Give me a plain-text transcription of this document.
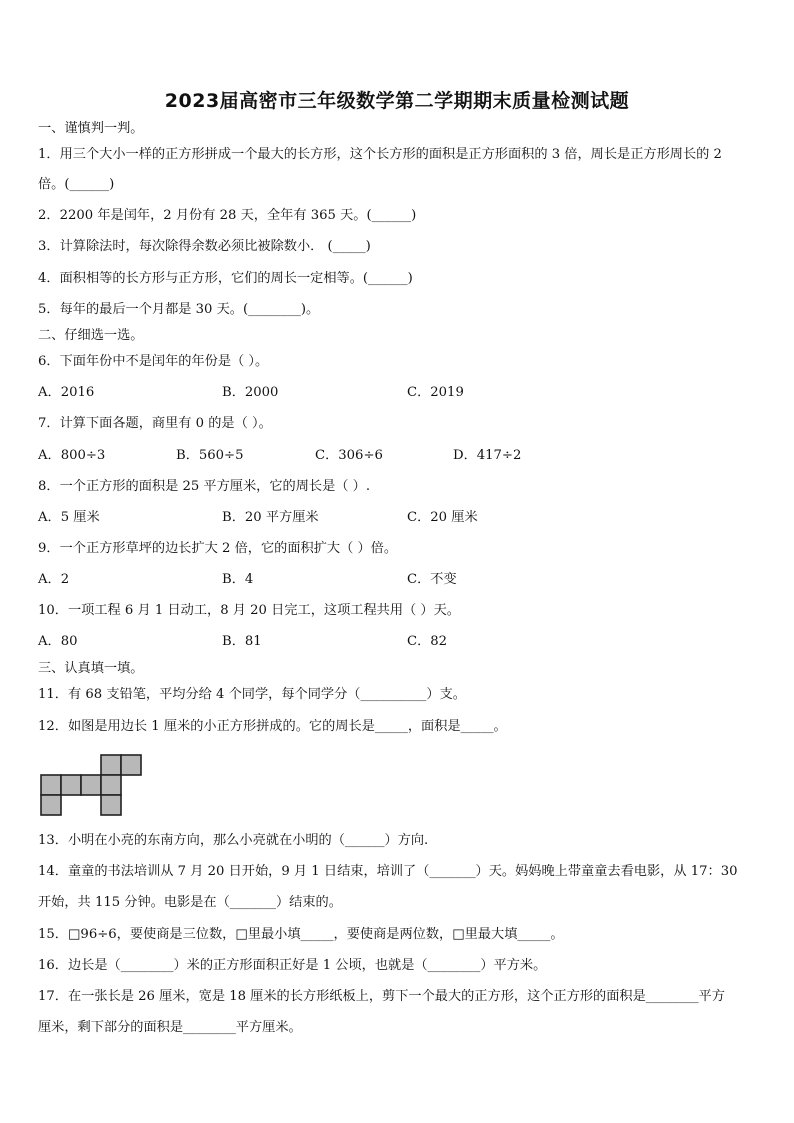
2023届高密市三年级数学第二学期期末质量检测试题
一、谨慎判一判。
1．用三个大小一样的正方形拼成一个最大的长方形，这个长方形的面积是正方形面积的 3 倍，周长是正方形周长的 2
倍。(______)
2．2200 年是闰年，2 月份有 28 天，全年有 365 天。(______)
3．计算除法时，每次除得余数必须比被除数小． (_____)
4．面积相等的长方形与正方形，它们的周长一定相等。(______)
5．每年的最后一个月都是 30 天。(________)。
二、仔细选一选。
6．下面年份中不是闰年的年份是（ ）。
A．2016	B．2000	C．2019
7．计算下面各题，商里有 0 的是（ ）。
A．800÷3	B．560÷5	C．306÷6	D．417÷2
8．一个正方形的面积是 25 平方厘米，它的周长是（ ）.
A．5 厘米	B．20 平方厘米	C．20 厘米
9．一个正方形草坪的边长扩大 2 倍，它的面积扩大（ ）倍。
A．2	B．4	C．不变
10．一项工程 6 月 1 日动工，8 月 20 日完工，这项工程共用（ ）天。
A．80	B．81	C．82
三、认真填一填。
11．有 68 支铅笔，平均分给 4 个同学，每个同学分（__________）支。
12．如图是用边长 1 厘米的小正方形拼成的。它的周长是_____，面积是_____。
13．小明在小亮的东南方向，那么小亮就在小明的（______）方向.
14．童童的书法培训从 7 月 20 日开始，9 月 1 日结束，培训了（_______）天。妈妈晚上带童童去看电影，从 17：30
开始，共 115 分钟。电影是在（_______）结束的。
15．□96÷6，要使商是三位数，□里最小填_____，要使商是两位数，□里最大填_____。
16．边长是（________）米的正方形面积正好是 1 公顷，也就是（________）平方米。
17．在一张长是 26 厘米，宽是 18 厘米的长方形纸板上，剪下一个最大的正方形，这个正方形的面积是________平方
厘米，剩下部分的面积是________平方厘米。
